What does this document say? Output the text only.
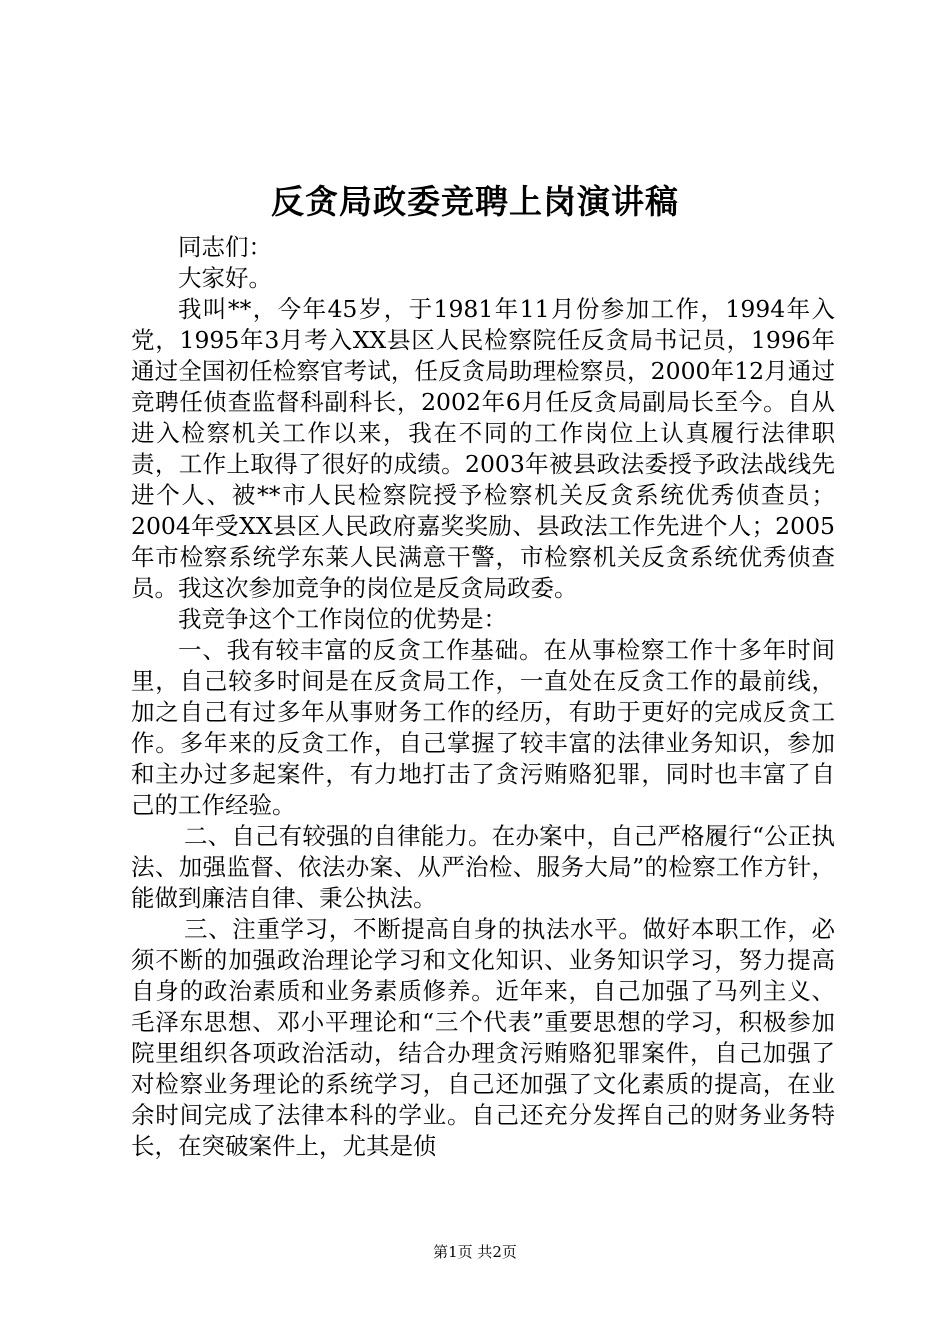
反贪局政委竞聘上岗演讲稿

同志们：

大家好。

我叫**，今年45岁，于1981年11月份参加工作，1994年入党，1995年3月考入XX县区人民检察院任反贪局书记员，1996年通过全国初任检察官考试，任反贪局助理检察员，2000年12月通过竞聘任侦查监督科副科长，2002年6月任反贪局副局长至今。自从进入检察机关工作以来，我在不同的工作岗位上认真履行法律职责，工作上取得了很好的成绩。2003年被县政法委授予政法战线先进个人、被**市人民检察院授予检察机关反贪系统优秀侦查员；2004年受XX县区人民政府嘉奖奖励、县政法工作先进个人；2005年市检察系统学东莱人民满意干警，市检察机关反贪系统优秀侦查员。我这次参加竞争的岗位是反贪局政委。

我竞争这个工作岗位的优势是：

一、我有较丰富的反贪工作基础。在从事检察工作十多年时间里，自己较多时间是在反贪局工作，一直处在反贪工作的最前线，加之自己有过多年从事财务工作的经历，有助于更好的完成反贪工作。多年来的反贪工作，自己掌握了较丰富的法律业务知识，参加和主办过多起案件，有力地打击了贪污贿赂犯罪，同时也丰富了自己的工作经验。

二、自己有较强的自律能力。在办案中，自己严格履行“公正执法、加强监督、依法办案、从严治检、服务大局”的检察工作方针，能做到廉洁自律、秉公执法。

三、注重学习，不断提高自身的执法水平。做好本职工作，必须不断的加强政治理论学习和文化知识、业务知识学习，努力提高自身的政治素质和业务素质修养。近年来，自己加强了马列主义、毛泽东思想、邓小平理论和“三个代表”重要思想的学习，积极参加院里组织各项政治活动，结合办理贪污贿赂犯罪案件，自己加强了对检察业务理论的系统学习，自己还加强了文化素质的提高，在业余时间完成了法律本科的学业。自己还充分发挥自己的财务业务特长，在突破案件上，尤其是侦

第1页 共2页
